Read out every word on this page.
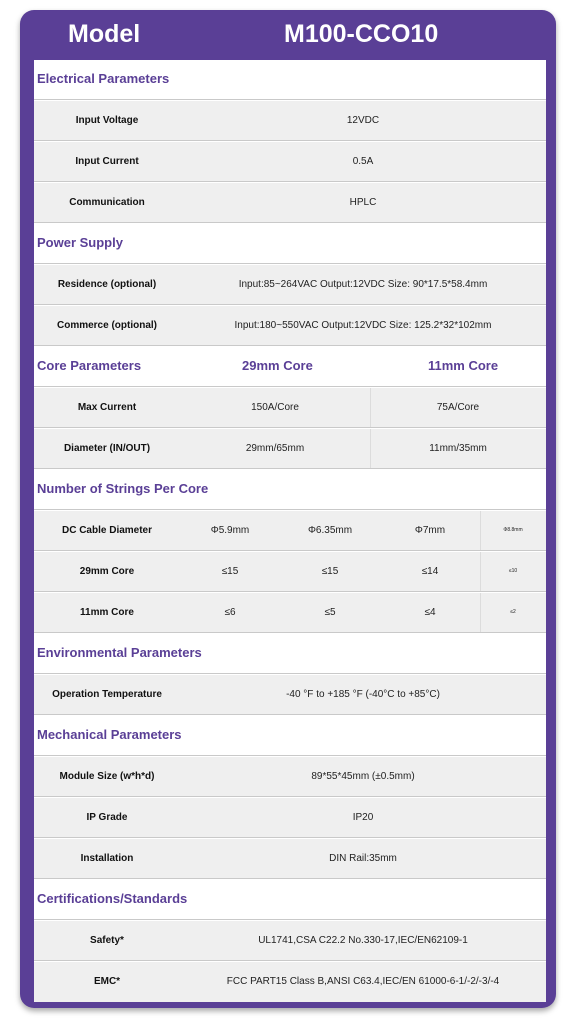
Model	M100-CCO10
Electrical Parameters
Input Voltage	12VDC
Input Current	0.5A
Communication	HPLC
Power Supply
Residence (optional)	Input:85~264VAC Output:12VDC Size: 90*17.5*58.4mm
Commerce (optional)	Input:180~550VAC Output:12VDC Size: 125.2*32*102mm
Core Parameters	29mm Core	11mm Core
Max Current	150A/Core	75A/Core
Diameter (IN/OUT)	29mm/65mm	11mm/35mm
Number of Strings Per Core
DC Cable Diameter	Φ5.9mm	Φ6.35mm	Φ7mm	Φ8.8mm
29mm Core	≤15	≤15	≤14	≤10
11mm Core	≤6	≤5	≤4	≤2
Environmental Parameters
Operation Temperature	-40 °F to +185 °F (-40°C to +85°C)
Mechanical Parameters
Module Size (w*h*d)	89*55*45mm (±0.5mm)
IP Grade	IP20
Installation	DIN Rail:35mm
Certifications/Standards
Safety*	UL1741,CSA C22.2 No.330-17,IEC/EN62109-1
EMC*	FCC PART15 Class B,ANSI C63.4,IEC/EN 61000-6-1/-2/-3/-4
